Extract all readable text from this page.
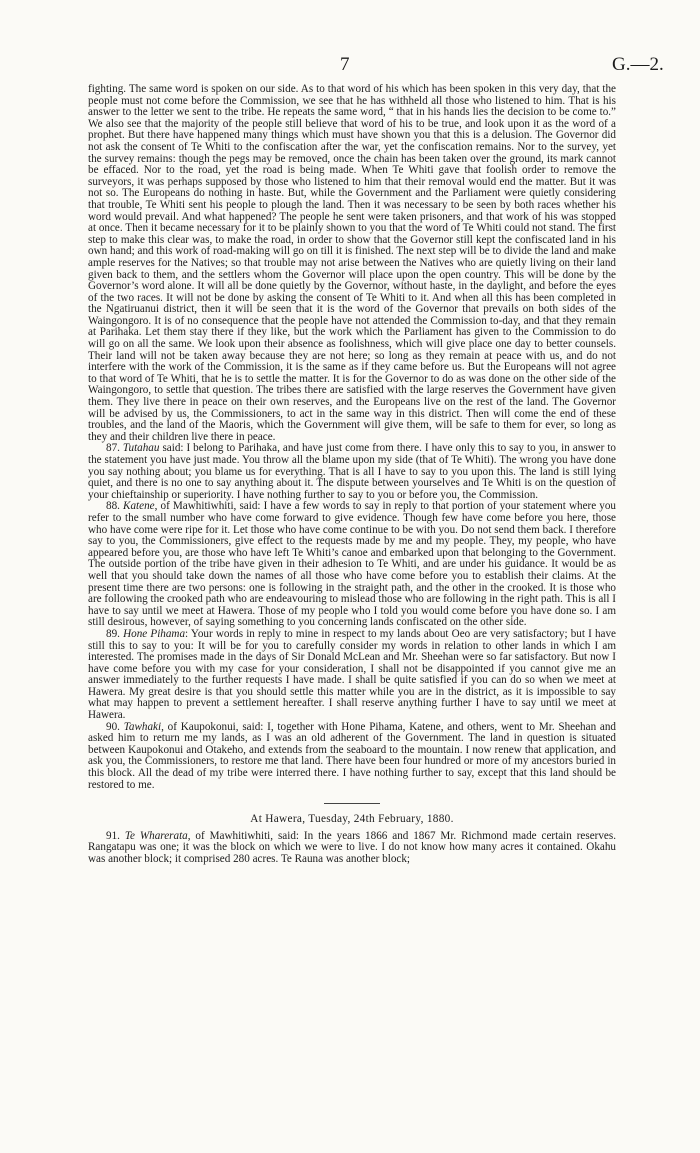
7	G.—2.

fighting. The same word is spoken on our side. As to that word of his which has been spoken in this very day, that the people must not come before the Commission, we see that he has withheld all those who listened to him. That is his answer to the letter we sent to the tribe. He repeats the same word, “ that in his hands lies the decision to be come to.” We also see that the majority of the people still believe that word of his to be true, and look upon it as the word of a prophet. But there have happened many things which must have shown you that this is a delusion. The Governor did not ask the consent of Te Whiti to the confiscation after the war, yet the confiscation remains. Nor to the survey, yet the survey remains: though the pegs may be removed, once the chain has been taken over the ground, its mark cannot be effaced. Nor to the road, yet the road is being made. When Te Whiti gave that foolish order to remove the surveyors, it was perhaps supposed by those who listened to him that their removal would end the matter. But it was not so. The Europeans do nothing in haste. But, while the Government and the Parliament were quietly considering that trouble, Te Whiti sent his people to plough the land. Then it was necessary to be seen by both races whether his word would prevail. And what happened? The people he sent were taken prisoners, and that work of his was stopped at once. Then it became necessary for it to be plainly shown to you that the word of Te Whiti could not stand. The first step to make this clear was, to make the road, in order to show that the Governor still kept the confiscated land in his own hand; and this work of road-making will go on till it is finished. The next step will be to divide the land and make ample reserves for the Natives; so that trouble may not arise between the Natives who are quietly living on their land given back to them, and the settlers whom the Governor will place upon the open country. This will be done by the Governor’s word alone. It will all be done quietly by the Governor, without haste, in the daylight, and before the eyes of the two races. It will not be done by asking the consent of Te Whiti to it. And when all this has been completed in the Ngatiruanui district, then it will be seen that it is the word of the Governor that prevails on both sides of the Waingongoro. It is of no consequence that the people have not attended the Commission to-day, and that they remain at Parihaka. Let them stay there if they like, but the work which the Parliament has given to the Commission to do will go on all the same. We look upon their absence as foolishness, which will give place one day to better counsels. Their land will not be taken away because they are not here; so long as they remain at peace with us, and do not interfere with the work of the Commission, it is the same as if they came before us. But the Europeans will not agree to that word of Te Whiti, that he is to settle the matter. It is for the Governor to do as was done on the other side of the Waingongoro, to settle that question. The tribes there are satisfied with the large reserves the Government have given them. They live there in peace on their own reserves, and the Europeans live on the rest of the land. The Governor will be advised by us, the Commissioners, to act in the same way in this district. Then will come the end of these troubles, and the land of the Maoris, which the Government will give them, will be safe to them for ever, so long as they and their children live there in peace.

87. Tutahau said: I belong to Parihaka, and have just come from there. I have only this to say to you, in answer to the statement you have just made. You throw all the blame upon my side (that of Te Whiti). The wrong you have done you say nothing about; you blame us for everything. That is all I have to say to you upon this. The land is still lying quiet, and there is no one to say anything about it. The dispute between yourselves and Te Whiti is on the question of your chieftainship or superiority. I have nothing further to say to you or before you, the Commission.

88. Katene, of Mawhitiwhiti, said: I have a few words to say in reply to that portion of your statement where you refer to the small number who have come forward to give evidence. Though few have come before you here, those who have come were ripe for it. Let those who have come continue to be with you. Do not send them back. I therefore say to you, the Commissioners, give effect to the requests made by me and my people. They, my people, who have appeared before you, are those who have left Te Whiti’s canoe and embarked upon that belonging to the Government. The outside portion of the tribe have given in their adhesion to Te Whiti, and are under his guidance. It would be as well that you should take down the names of all those who have come before you to establish their claims. At the present time there are two persons: one is following in the straight path, and the other in the crooked. It is those who are following the crooked path who are endeavouring to mislead those who are following in the right path. This is all I have to say until we meet at Hawera. Those of my people who I told you would come before you have done so. I am still desirous, however, of saying something to you concerning lands confiscated on the other side.

89. Hone Pihama: Your words in reply to mine in respect to my lands about Oeo are very satisfactory; but I have still this to say to you: It will be for you to carefully consider my words in relation to other lands in which I am interested. The promises made in the days of Sir Donald McLean and Mr. Sheehan were so far satisfactory. But now I have come before you with my case for your consideration, I shall not be disappointed if you cannot give me an answer immediately to the further requests I have made. I shall be quite satisfied if you can do so when we meet at Hawera. My great desire is that you should settle this matter while you are in the district, as it is impossible to say what may happen to prevent a settlement hereafter. I shall reserve anything further I have to say until we meet at Hawera.

90. Tawhaki, of Kaupokonui, said: I, together with Hone Pihama, Katene, and others, went to Mr. Sheehan and asked him to return me my lands, as I was an old adherent of the Government. The land in question is situated between Kaupokonui and Otakeho, and extends from the seaboard to the mountain. I now renew that application, and ask you, the Commissioners, to restore me that land. There have been four hundred or more of my ancestors buried in this block. All the dead of my tribe were interred there. I have nothing further to say, except that this land should be restored to me.

At Hawera, Tuesday, 24th February, 1880.

91. Te Wharerata, of Mawhitiwhiti, said: In the years 1866 and 1867 Mr. Richmond made certain reserves. Rangatapu was one; it was the block on which we were to live. I do not know how many acres it contained. Okahu was another block; it comprised 280 acres. Te Rauna was another block;
